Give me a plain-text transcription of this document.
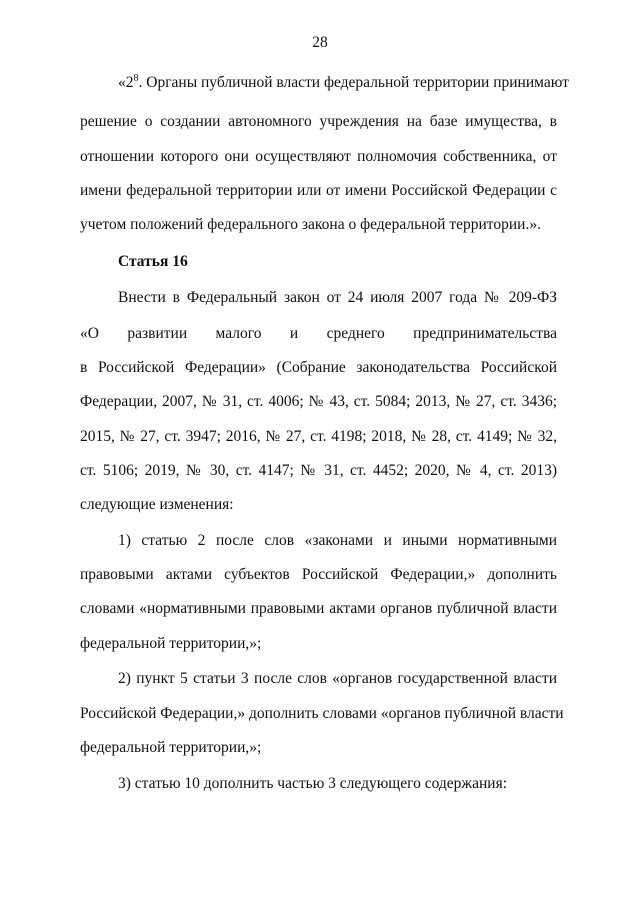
28
«$2^8$. Органы публичной власти федеральной территории принимают
решение о создании автономного учреждения на базе имущества, в
отношении которого они осуществляют полномочия собственника, от
имени федеральной территории или от имени Российской Федерации с
учетом положений федерального закона о федеральной территории.».
Статья 16
Внести в Федеральный закон от 24 июля 2007 года № 209-ФЗ
«О развитии малого и среднего предпринимательства
в Российской Федерации» (Собрание законодательства Российской
Федерации, 2007, № 31, ст. 4006; № 43, ст. 5084; 2013, № 27, ст. 3436;
2015, № 27, ст. 3947; 2016, № 27, ст. 4198; 2018, № 28, ст. 4149; № 32,
ст. 5106; 2019, № 30, ст. 4147; № 31, ст. 4452; 2020, № 4, ст. 2013)
следующие изменения:
1) статью 2 после слов «законами и иными нормативными
правовыми актами субъектов Российской Федерации,» дополнить
словами «нормативными правовыми актами органов публичной власти
федеральной территории,»;
2) пункт 5 статьи 3 после слов «органов государственной власти
Российской Федерации,» дополнить словами «органов публичной власти
федеральной территории,»;
3) статью 10 дополнить частью 3 следующего содержания:
